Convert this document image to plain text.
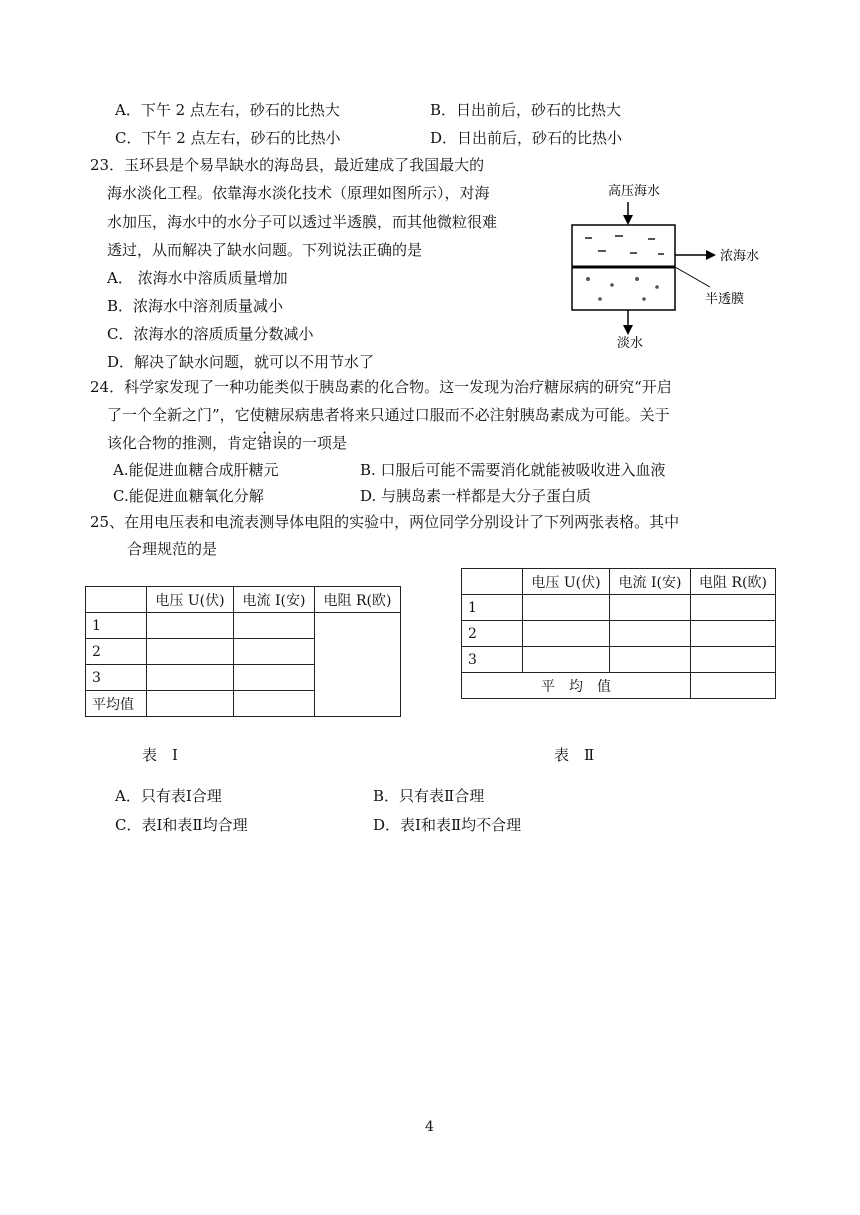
A．下午 2 点左右，砂石的比热大	B．日出前后，砂石的比热大
C．下午 2 点左右，砂石的比热小	D．日出前后，砂石的比热小
23．玉环县是个易旱缺水的海岛县，最近建成了我国最大的
海水淡化工程。依靠海水淡化技术（原理如图所示），对海
水加压，海水中的水分子可以透过半透膜，而其他微粒很难
透过，从而解决了缺水问题。下列说法正确的是
A． 浓海水中溶质质量增加
B．浓海水中溶剂质量减小
C．浓海水的溶质质量分数减小
D．解决了缺水问题，就可以不用节水了
高压海水
浓海水
半透膜
淡水
24．科学家发现了一种功能类似于胰岛素的化合物。这一发现为治疗糖尿病的研究“开启
了一个全新之门”，它使糖尿病患者将来只通过口服而不必注射胰岛素成为可能。关于
该化合物的推测，肯定错误的一项是
A.能促进血糖合成肝糖元	B. 口服后可能不需要消化就能被吸收进入血液
C.能促进血糖氧化分解	D. 与胰岛素一样都是大分子蛋白质
25、在用电压表和电流表测导体电阻的实验中，两位同学分别设计了下列两张表格。其中
合理规范的是
	电压 U(伏)	电流 I(安)	电阻 R(欧)
1			
2			
3			
平均值			
	电压 U(伏)	电流 I(安)	电阻 R(欧)
1			
2			
3			
平　均　值			
表　I	表　Ⅱ
A．只有表Ⅰ合理	B．只有表Ⅱ合理
C．表Ⅰ和表Ⅱ均合理	D．表Ⅰ和表Ⅱ均不合理
4
